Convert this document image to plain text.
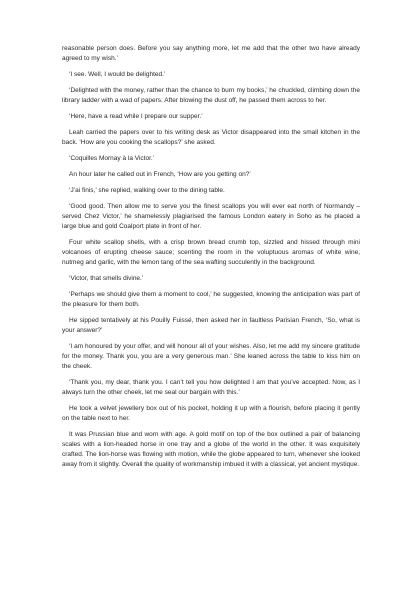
reasonable person does. Before you say anything more, let me add that the other two have already agreed to my wish.’

‘I see. Well, I would be delighted.’

‘Delighted with the money, rather than the chance to burn my books,’ he chuckled, climbing down the library ladder with a wad of papers. After blowing the dust off, he passed them across to her.

‘Here, have a read while I prepare our supper.’

Leah carried the papers over to his writing desk as Victor disappeared into the small kitchen in the back. ‘How are you cooking the scallops?’ she asked.

‘Coquilles Mornay à la Victor.’

An hour later he called out in French, ‘How are you getting on?’

‘J’ai finis,’ she replied, walking over to the dining table.

‘Good good. Then allow me to serve you the finest scallops you will ever eat north of Normandy – served Chez Victor,’ he shamelessly plagiarised the famous London eatery in Soho as he placed a large blue and gold Coalport plate in front of her.

Four white scallop shells, with a crisp brown bread crumb top, sizzled and hissed through mini volcanoes of erupting cheese sauce; scenting the room in the voluptuous aromas of white wine, nutmeg and garlic, with the lemon tang of the sea wafting succulently in the background.

‘Victor, that smells divine.’

‘Perhaps we should give them a moment to cool,’ he suggested, knowing the anticipation was part of the pleasure for them both.

He sipped tentatively at his Pouilly Fuissé, then asked her in faultless Parisian French, ‘So, what is your answer?’

‘I am honoured by your offer, and will honour all of your wishes. Also, let me add my sincere gratitude for the money. Thank you, you are a very generous man.’ She leaned across the table to kiss him on the cheek.

‘Thank you, my dear, thank you. I can’t tell you how delighted I am that you’ve accepted. Now, as I always turn the other cheek, let me seal our bargain with this.’

He took a velvet jewellery box out of his pocket, holding it up with a flourish, before placing it gently on the table next to her.

It was Prussian blue and worn with age. A gold motif on top of the box outlined a pair of balancing scales with a lion-headed horse in one tray and a globe of the world in the other. It was exquisitely crafted. The lion-horse was flowing with motion, while the globe appeared to turn, whenever she looked away from it slightly. Overall the quality of workmanship imbued it with a classical, yet ancient mystique.
